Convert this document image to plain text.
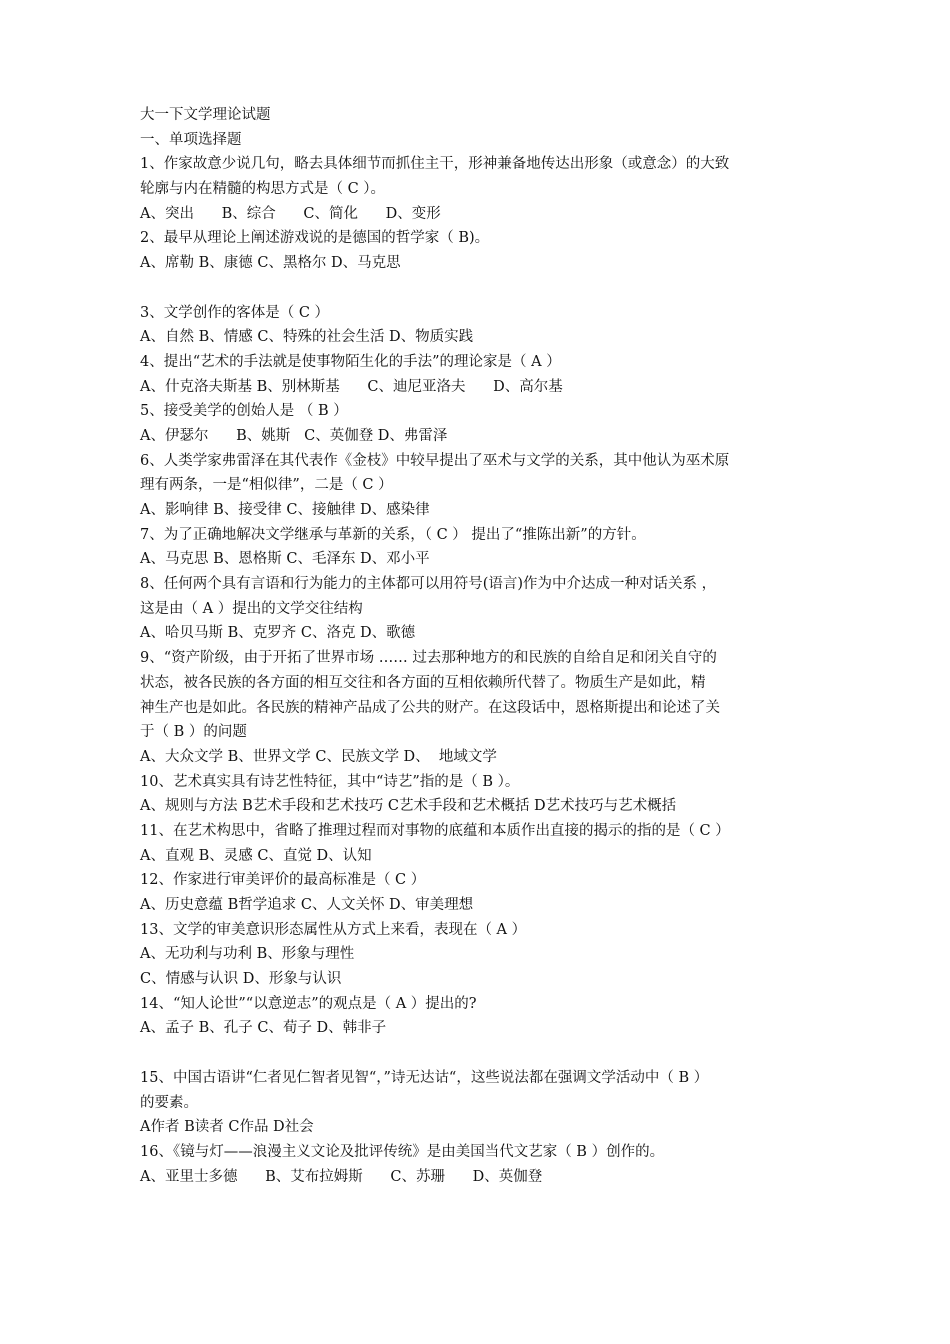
大一下文学理论试题
一、单项选择题
1、作家故意少说几句，略去具体细节而抓住主干，形神兼备地传达出形象（或意念）的大致
轮廓与内在精髓的构思方式是（ C ）。
A、突出      B、综合      C、简化      D、变形
2、最早从理论上阐述游戏说的是德国的哲学家（ B)。
A、席勒 B、康德 C、黑格尔 D、马克思
3、文学创作的客体是（ C ）
A、自然 B、情感 C、特殊的社会生活 D、物质实践
4、提出“艺术的手法就是使事物陌生化的手法”的理论家是（ A ）
A、什克洛夫斯基 B、别林斯基      C、迪尼亚洛夫      D、高尔基
5、接受美学的创始人是 （ B ）
A、伊瑟尔      B、姚斯   C、英伽登 D、弗雷泽
6、人类学家弗雷泽在其代表作《金枝》中较早提出了巫术与文学的关系，其中他认为巫术原
理有两条，一是“相似律”，二是（ C ）
A、影响律 B、接受律 C、接触律 D、感染律
7、为了正确地解决文学继承与革新的关系，（ C ） 提出了“推陈出新”的方针。
A、马克思 B、恩格斯 C、毛泽东 D、邓小平
8、任何两个具有言语和行为能力的主体都可以用符号(语言)作为中介达成一种对话关系 ，
这是由（ A ）提出的文学交往结构
A、哈贝马斯 B、克罗齐 C、洛克 D、歌德
9、“资产阶级，由于开拓了世界市场 …… 过去那种地方的和民族的自给自足和闭关自守的
状态，被各民族的各方面的相互交往和各方面的互相依赖所代替了。物质生产是如此，精
神生产也是如此。各民族的精神产品成了公共的财产。在这段话中，恩格斯提出和论述了关
于（ B ）的问题
A、大众文学 B、世界文学 C、民族文学 D、  地域文学
10、艺术真实具有诗艺性特征，其中“诗艺”指的是（ B ）。
A、规则与方法 B艺术手段和艺术技巧 C艺术手段和艺术概括 D艺术技巧与艺术概括
11、在艺术构思中，省略了推理过程而对事物的底蕴和本质作出直接的揭示的指的是（ C ）
A、直观 B、灵感 C、直觉 D、认知
12、作家进行审美评价的最高标准是（ C ）
A、历史意蕴 B哲学追求 C、人文关怀 D、审美理想
13、文学的审美意识形态属性从方式上来看，表现在（ A ）
A、无功利与功利 B、形象与理性
C、情感与认识 D、形象与认识
14、“知人论世”“以意逆志”的观点是（ A ）提出的?
A、孟子 B、孔子 C、荀子 D、韩非子
15、中国古语讲“仁者见仁智者见智“，”诗无达诂“，这些说法都在强调文学活动中（ B ）
的要素。
A作者 B读者 C作品 D社会
16、《镜与灯——浪漫主义文论及批评传统》是由美国当代文艺家（ B ）创作的。
A、亚里士多德      B、艾布拉姆斯      C、苏珊      D、英伽登
